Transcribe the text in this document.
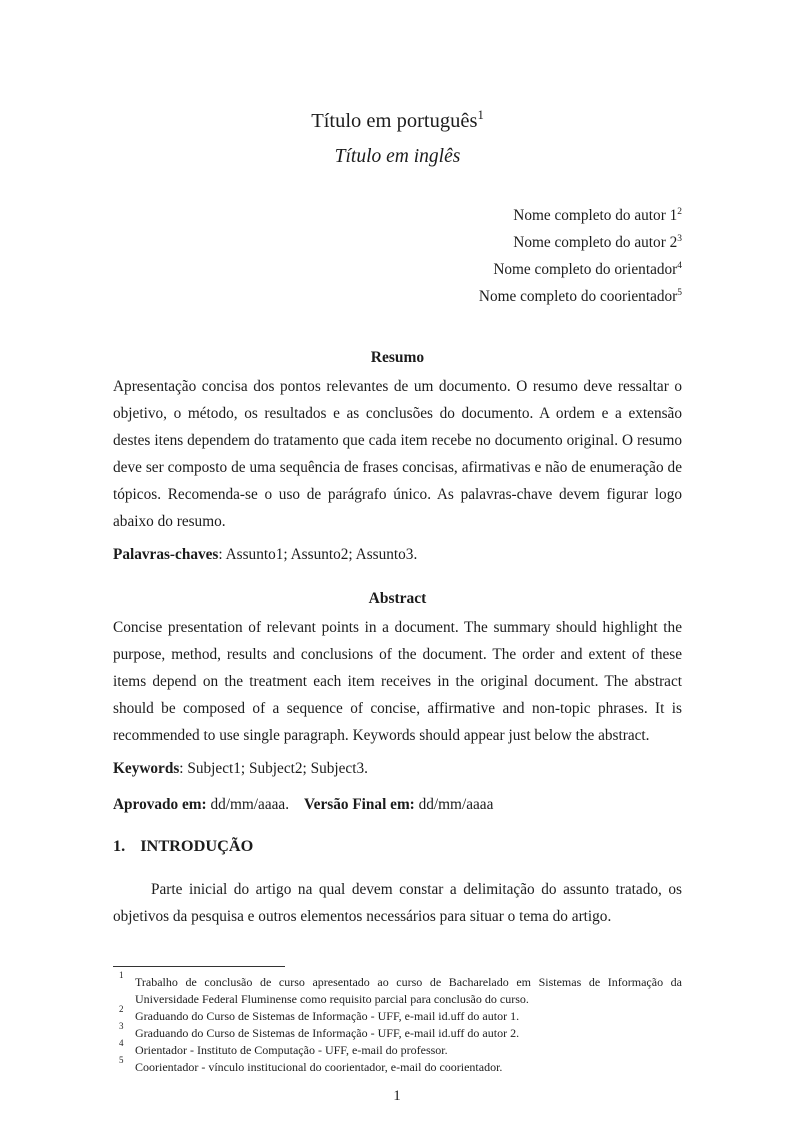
Título em português$^1$
Título em inglês
Nome completo do autor $1^2$
Nome completo do autor $2^3$
Nome completo do orientador$^4$
Nome completo do coorientador$^5$
Resumo

Apresentação concisa dos pontos relevantes de um documento. O resumo deve ressaltar o objetivo, o método, os resultados e as conclusões do documento. A ordem e a extensão destes itens dependem do tratamento que cada item recebe no documento original. O resumo deve ser composto de uma sequência de frases concisas, afirmativas e não de enumeração de tópicos. Recomenda-se o uso de parágrafo único. As palavras-chave devem figurar logo abaixo do resumo.

Palavras-chaves: Assunto1; Assunto2; Assunto3.

Abstract

Concise presentation of relevant points in a document. The summary should highlight the purpose, method, results and conclusions of the document. The order and extent of these items depend on the treatment each item receives in the original document. The abstract should be composed of a sequence of concise, affirmative and non-topic phrases. It is recommended to use single paragraph. Keywords should appear just below the abstract.

Keywords: Subject1; Subject2; Subject3.

Aprovado em: dd/mm/aaaa. Versão Final em: dd/mm/aaaa

1. INTRODUÇÃO

Parte inicial do artigo na qual devem constar a delimitação do assunto tratado, os objetivos da pesquisa e outros elementos necessários para situar o tema do artigo.

1 Trabalho de conclusão de curso apresentado ao curso de Bacharelado em Sistemas de Informação da Universidade Federal Fluminense como requisito parcial para conclusão do curso.
2 Graduando do Curso de Sistemas de Informação - UFF, e-mail id.uff do autor 1.
3 Graduando do Curso de Sistemas de Informação - UFF, e-mail id.uff do autor 2.
4 Orientador - Instituto de Computação - UFF, e-mail do professor.
5 Coorientador - vínculo institucional do coorientador, e-mail do coorientador.
1
